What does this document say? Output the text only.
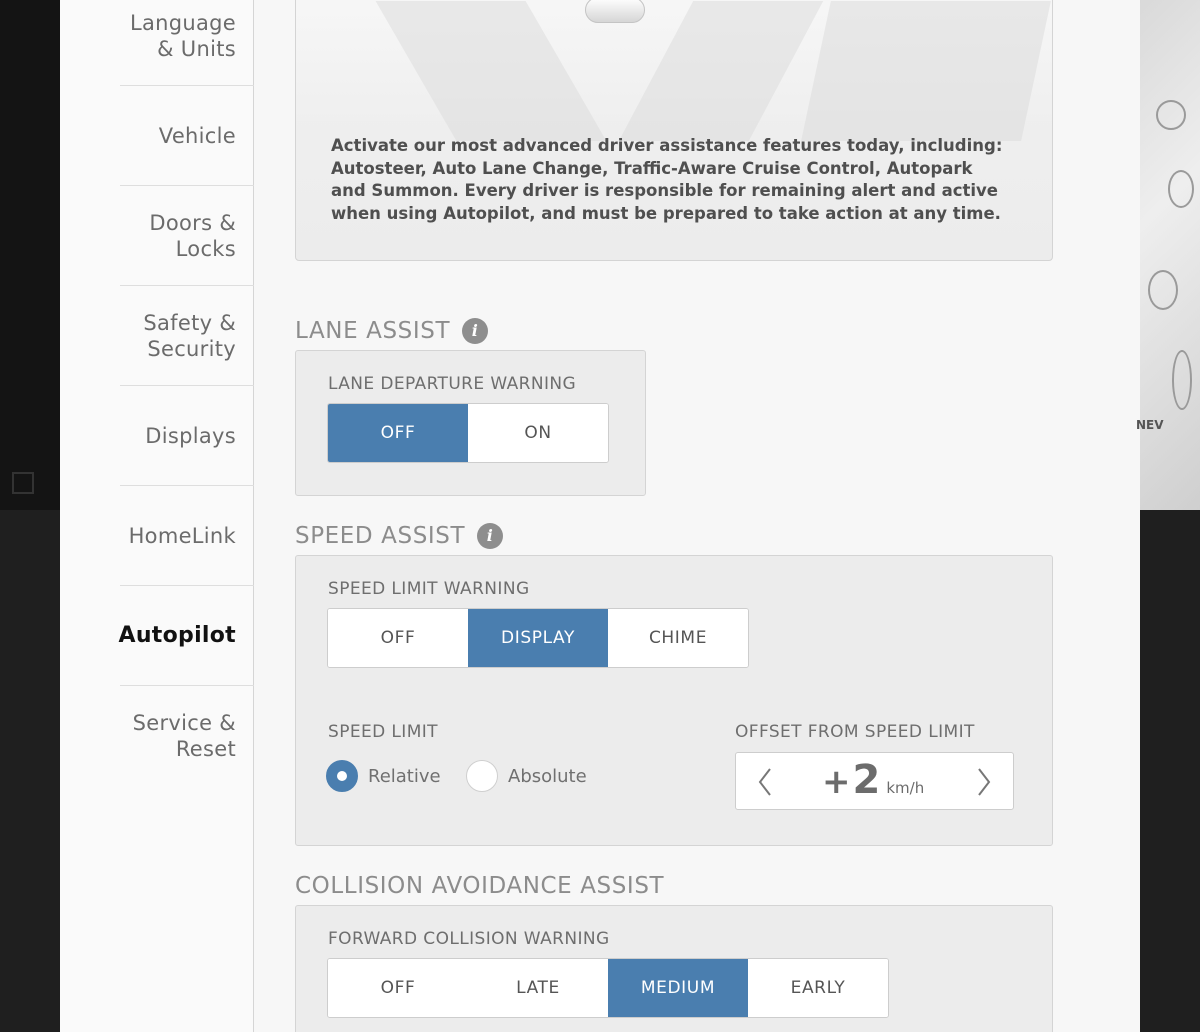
Language
& Units
Vehicle
Doors &
Locks
Safety &
Security
Displays
HomeLink
Autopilot
Service &
Reset

Activate our most advanced driver assistance features today, including: Autosteer, Auto Lane Change, Traffic-Aware Cruise Control, Autopark and Summon. Every driver is responsible for remaining alert and active when using Autopilot, and must be prepared to take action at any time.

LANE ASSIST	i
LANE DEPARTURE WARNING
OFF	ON
SPEED ASSIST	i
SPEED LIMIT WARNING
OFF	DISPLAY	CHIME
SPEED LIMIT
Relative	Absolute
OFFSET FROM SPEED LIMIT
+ 2 km/h
COLLISION AVOIDANCE ASSIST
FORWARD COLLISION WARNING
OFF	LATE	MEDIUM	EARLY
NEV
